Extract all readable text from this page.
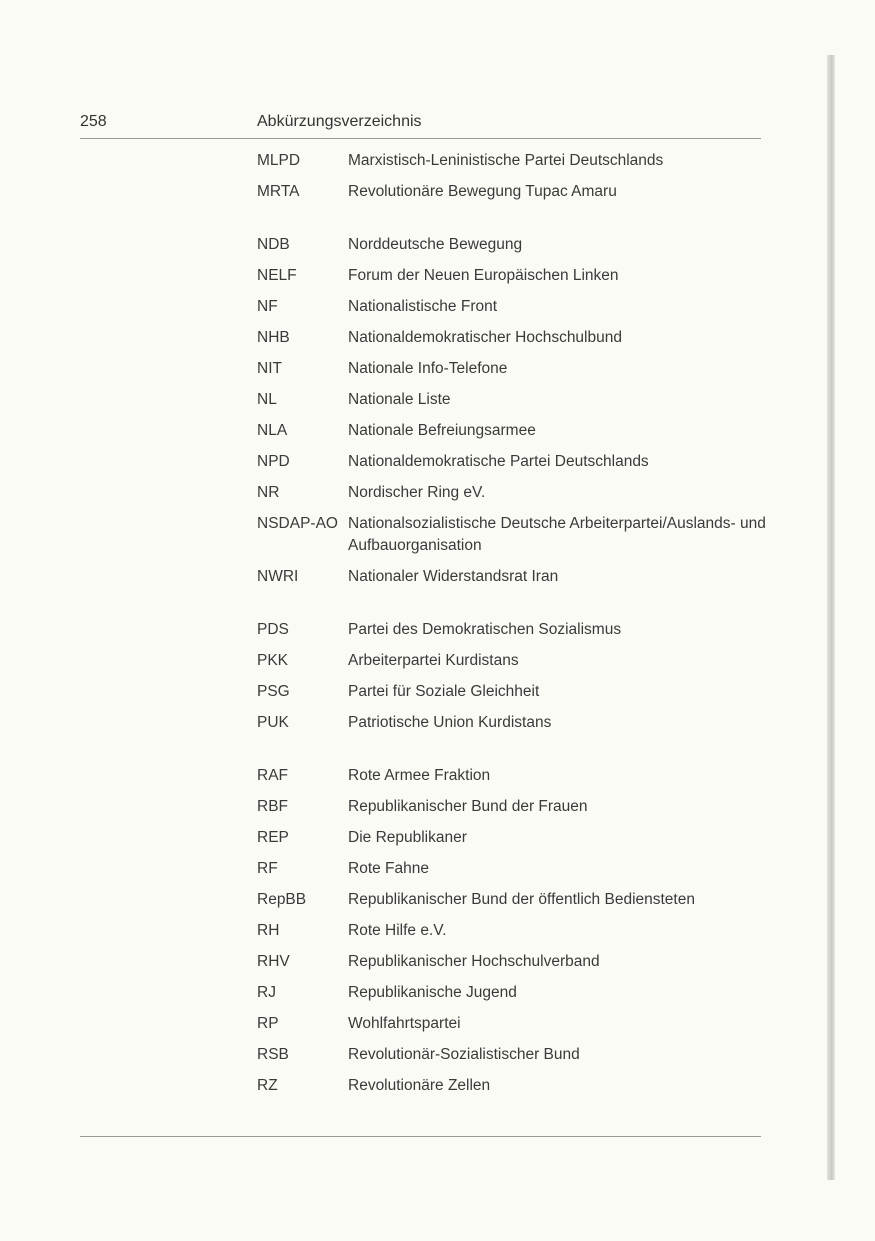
258	Abkürzungsverzeichnis
MLPD	Marxistisch-Leninistische Partei Deutschlands
MRTA	Revolutionäre Bewegung Tupac Amaru
NDB	Norddeutsche Bewegung
NELF	Forum der Neuen Europäischen Linken
NF	Nationalistische Front
NHB	Nationaldemokratischer Hochschulbund
NIT	Nationale Info-Telefone
NL	Nationale Liste
NLA	Nationale Befreiungsarmee
NPD	Nationaldemokratische Partei Deutschlands
NR	Nordischer Ring eV.
NSDAP-AO Nationalsozialistische Deutsche Arbeiterpartei/Auslands- und Aufbauorganisation
NWRI	Nationaler Widerstandsrat Iran
PDS	Partei des Demokratischen Sozialismus
PKK	Arbeiterpartei Kurdistans
PSG	Partei für Soziale Gleichheit
PUK	Patriotische Union Kurdistans
RAF	Rote Armee Fraktion
RBF	Republikanischer Bund der Frauen
REP	Die Republikaner
RF	Rote Fahne
RepBB	Republikanischer Bund der öffentlich Bediensteten
RH	Rote Hilfe e.V.
RHV	Republikanischer Hochschulverband
RJ	Republikanische Jugend
RP	Wohlfahrtspartei
RSB	Revolutionär-Sozialistischer Bund
RZ	Revolutionäre Zellen
